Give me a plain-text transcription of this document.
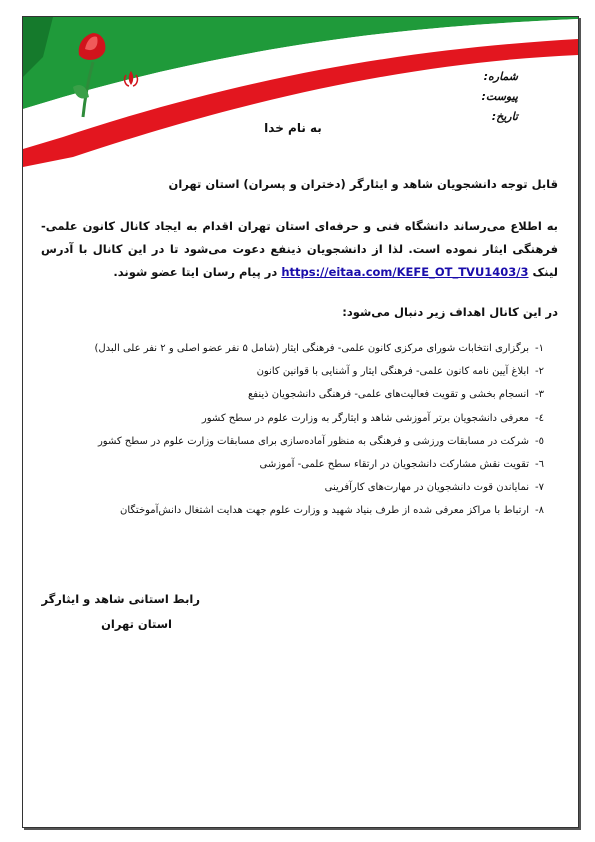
شماره:
پیوست:
تاریخ:
به نام خدا
قابل توجه دانشجویان شاهد و ایثارگر (دختران و پسران) استان تهران
به اطلاع می‌رساند دانشگاه فنی و حرفه‌ای استان تهران اقدام به ایجاد کانال کانون علمی- فرهنگی ایثار نموده است. لذا از دانشجویان ذینفع دعوت می‌شود تا در این کانال با آدرس لینک https://eitaa.com/KEFE_OT_TVU1403/3 در پیام رسان ایتا عضو شوند.
در این کانال اهداف زیر دنبال می‌شود:
۱-برگزاری انتخابات شورای مرکزی کانون علمی- فرهنگی ایثار (شامل ۵ نفر عضو اصلی و ۲ نفر علی البدل)
۲-ابلاغ آیین نامه کانون علمی- فرهنگی ایثار و آشنایی با قوانین کانون
۳-انسجام بخشی و تقویت فعالیت‌های علمی- فرهنگی دانشجویان ذینفع
٤-معرفی دانشجویان برتر آموزشی شاهد و ایثارگر به وزارت علوم در سطح کشور
٥-شرکت در مسابقات ورزشی و فرهنگی به منظور آماده‌سازی برای مسابقات وزارت علوم در سطح کشور
٦-تقویت نقش مشارکت دانشجویان در ارتقاء سطح علمی- آموزشی
۷-نمایاندن قوت دانشجویان در مهارت‌های کارآفرینی
۸-ارتباط با مراکز معرفی شده از طرف بنیاد شهید و وزارت علوم جهت هدایت اشتغال دانش‌آموختگان
رابط استانی شاهد و ایثارگر
استان تهران
